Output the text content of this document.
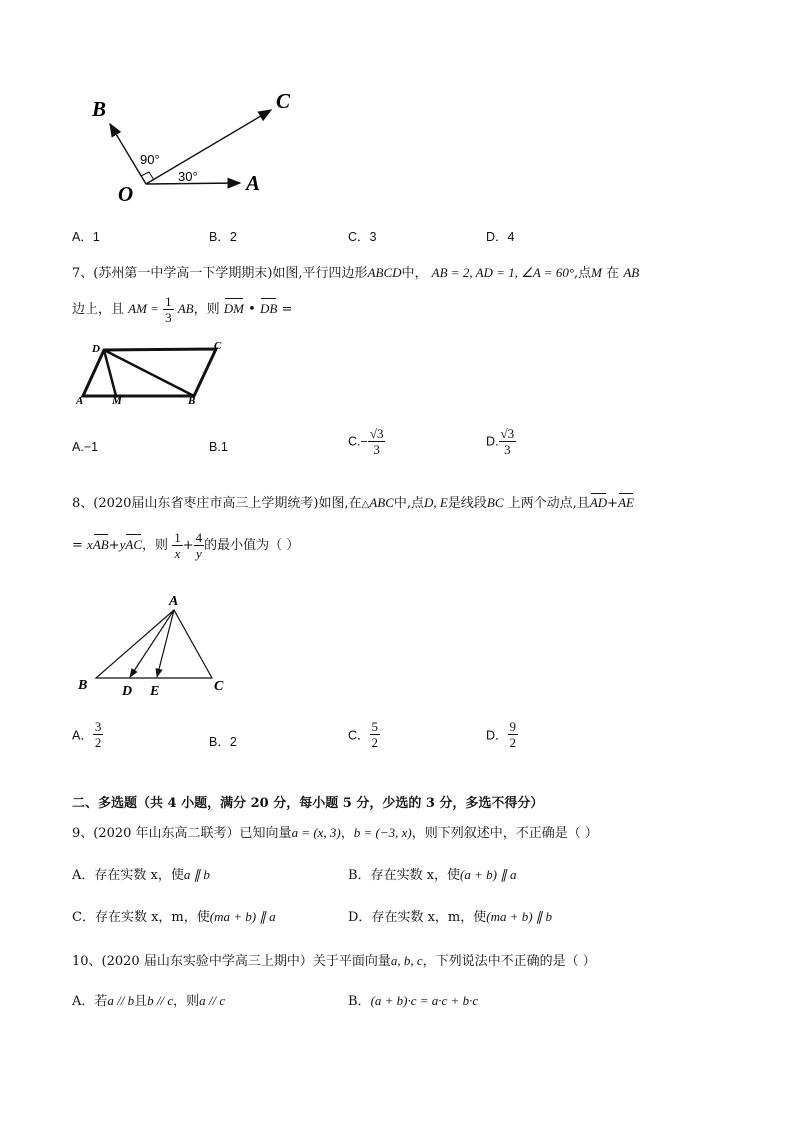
B	C
O	A
90°
30°
A．1	B．2	C．3	D．4
7、(苏州第一中学高一下学期期末)如图,平行四边形ABCD中， AB = 2, AD = 1, ∠A = 60°,点M 在 AB
边上，且 AM = $\frac{1}{3}$ AB，则 DM • DB =
D	C
A	M	B
A.−1	B.1	$C.- \frac{√3}{3}$	D. $\frac{√3}{3}$
8、(2020届山东省枣庄市高三上学期统考)如图,在△ABC中,点D, E是线段BC 上两个动点,且AD+AE
= xAB+yAC，则 $\frac{1}{x} + \frac{4}{y}$ 的最小值为（ ）
A
B D E	C
A． $\frac{3}{2}$	B．2	C． $\frac{5}{2}$	D． $\frac{9}{2}$
二、多选题（共 4 小题，满分 20 分，每小题 5 分，少选的 3 分，多选不得分）
9、(2020 年山东高二联考）已知向量a = (x, 3)，b = (−3, x)，则下列叙述中，不正确是（ ）
A．存在实数 x，使a ∥ b	B．存在实数 x，使(a + b) ∥ a
C．存在实数 x，m，使(ma + b) ∥ a	D．存在实数 x，m，使(ma + b) ∥ b
10、(2020 届山东实验中学高三上期中）关于平面向量a, b, c，下列说法中不正确的是（ ）
A．若a // b且b // c，则a // c	B．(a + b)·c = a·c + b·c
